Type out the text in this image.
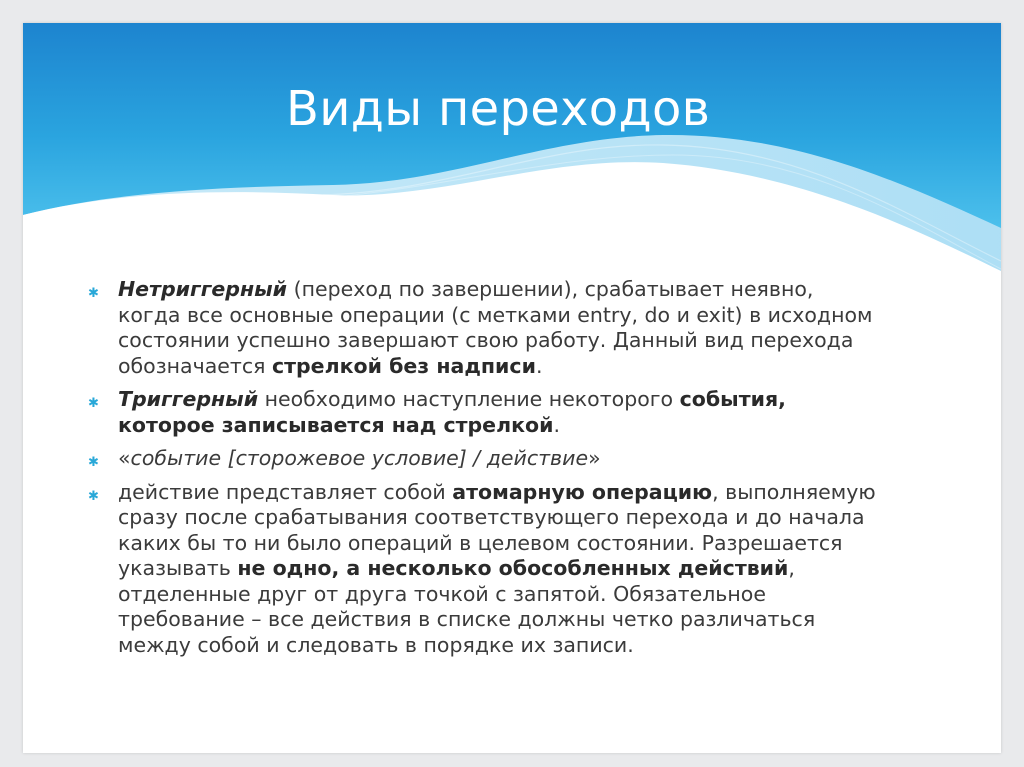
Виды переходов
✱ Нетриггерный (переход по завершении), срабатывает неявно, когда все основные операции (с метками entry, do и exit) в исходном состоянии успешно завершают свою работу. Данный вид перехода обозначается стрелкой без надписи.
✱ Триггерный необходимо наступление некоторого события, которое записывается над стрелкой.
✱ «событие [сторожевое условие] / действие»
✱ действие представляет собой атомарную операцию, выполняемую сразу после срабатывания соответствующего перехода и до начала каких бы то ни было операций в целевом состоянии. Разрешается указывать не одно, а несколько обособленных действий, отделенные друг от друга точкой с запятой. Обязательное требование – все действия в списке должны четко различаться между собой и следовать в порядке их записи.
